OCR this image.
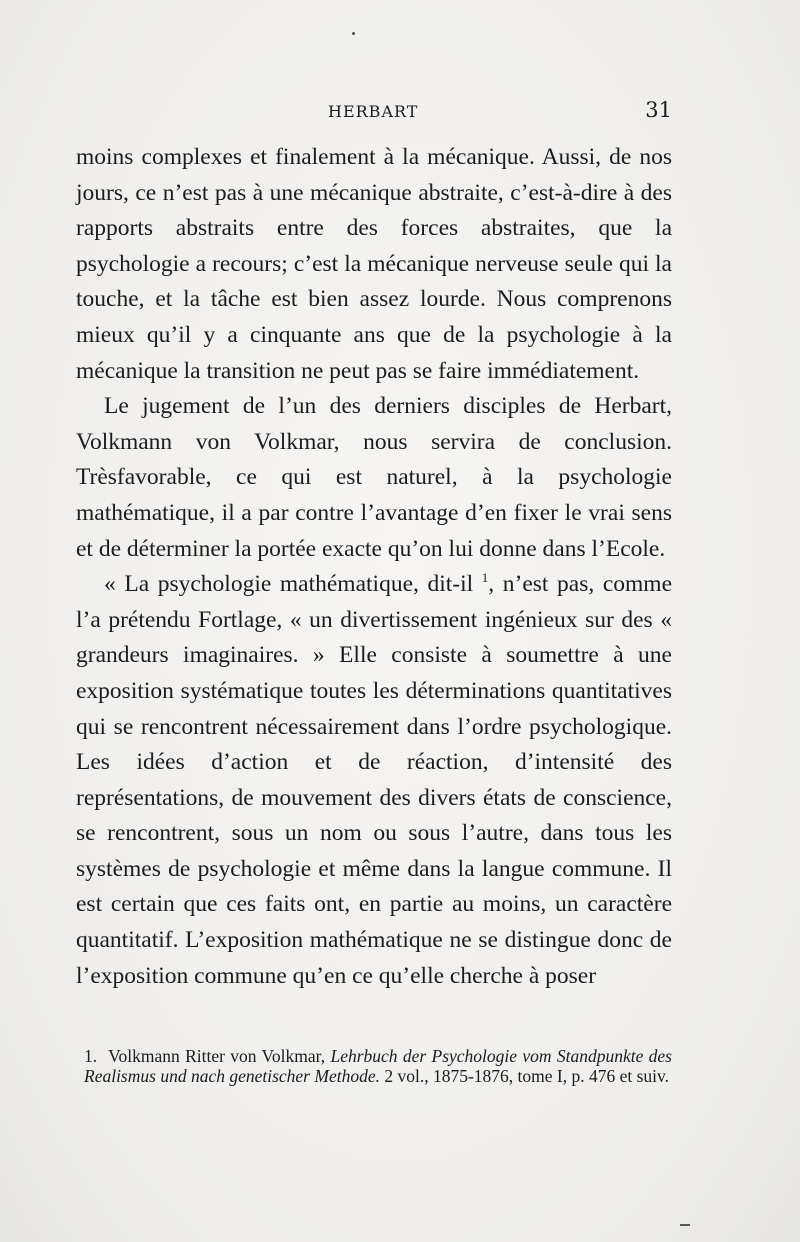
HERBART	31

moins complexes et finalement à la mécanique. Aussi, de nos jours, ce n’est pas à une mécanique abstraite, c’est-à-dire à des rapports abstraits entre des forces abstraites, que la psychologie a recours; c’est la mécanique nerveuse seule qui la touche, et la tâche est bien assez lourde. Nous comprenons mieux qu’il y a cinquante ans que de la psychologie à la mécanique la transition ne peut pas se faire immédiatement.

Le jugement de l’un des derniers disciples de Herbart, Volkmann von Volkmar, nous servira de conclusion. Trèsfavorable, ce qui est naturel, à la psychologie mathématique, il a par contre l’avantage d’en fixer le vrai sens et de déterminer la portée exacte qu’on lui donne dans l’Ecole.

« La psychologie mathématique, dit-il $^1$, n’est pas, comme l’a prétendu Fortlage, « un divertissement ingénieux sur des « grandeurs imaginaires. » Elle consiste à soumettre à une exposition systématique toutes les déterminations quantitatives qui se rencontrent nécessairement dans l’ordre psychologique. Les idées d’action et de réaction, d’intensité des représentations, de mouvement des divers états de conscience, se rencontrent, sous un nom ou sous l’autre, dans tous les systèmes de psychologie et même dans la langue commune. Il est certain que ces faits ont, en partie au moins, un caractère quantitatif. L’exposition mathématique ne se distingue donc de l’exposition commune qu’en ce qu’elle cherche à poser

1. Volkmann Ritter von Volkmar, Lehrbuch der Psychologie vom Standpunkte des Realismus und nach genetischer Methode. 2 vol., 1875-1876, tome I, p. 476 et suiv.
